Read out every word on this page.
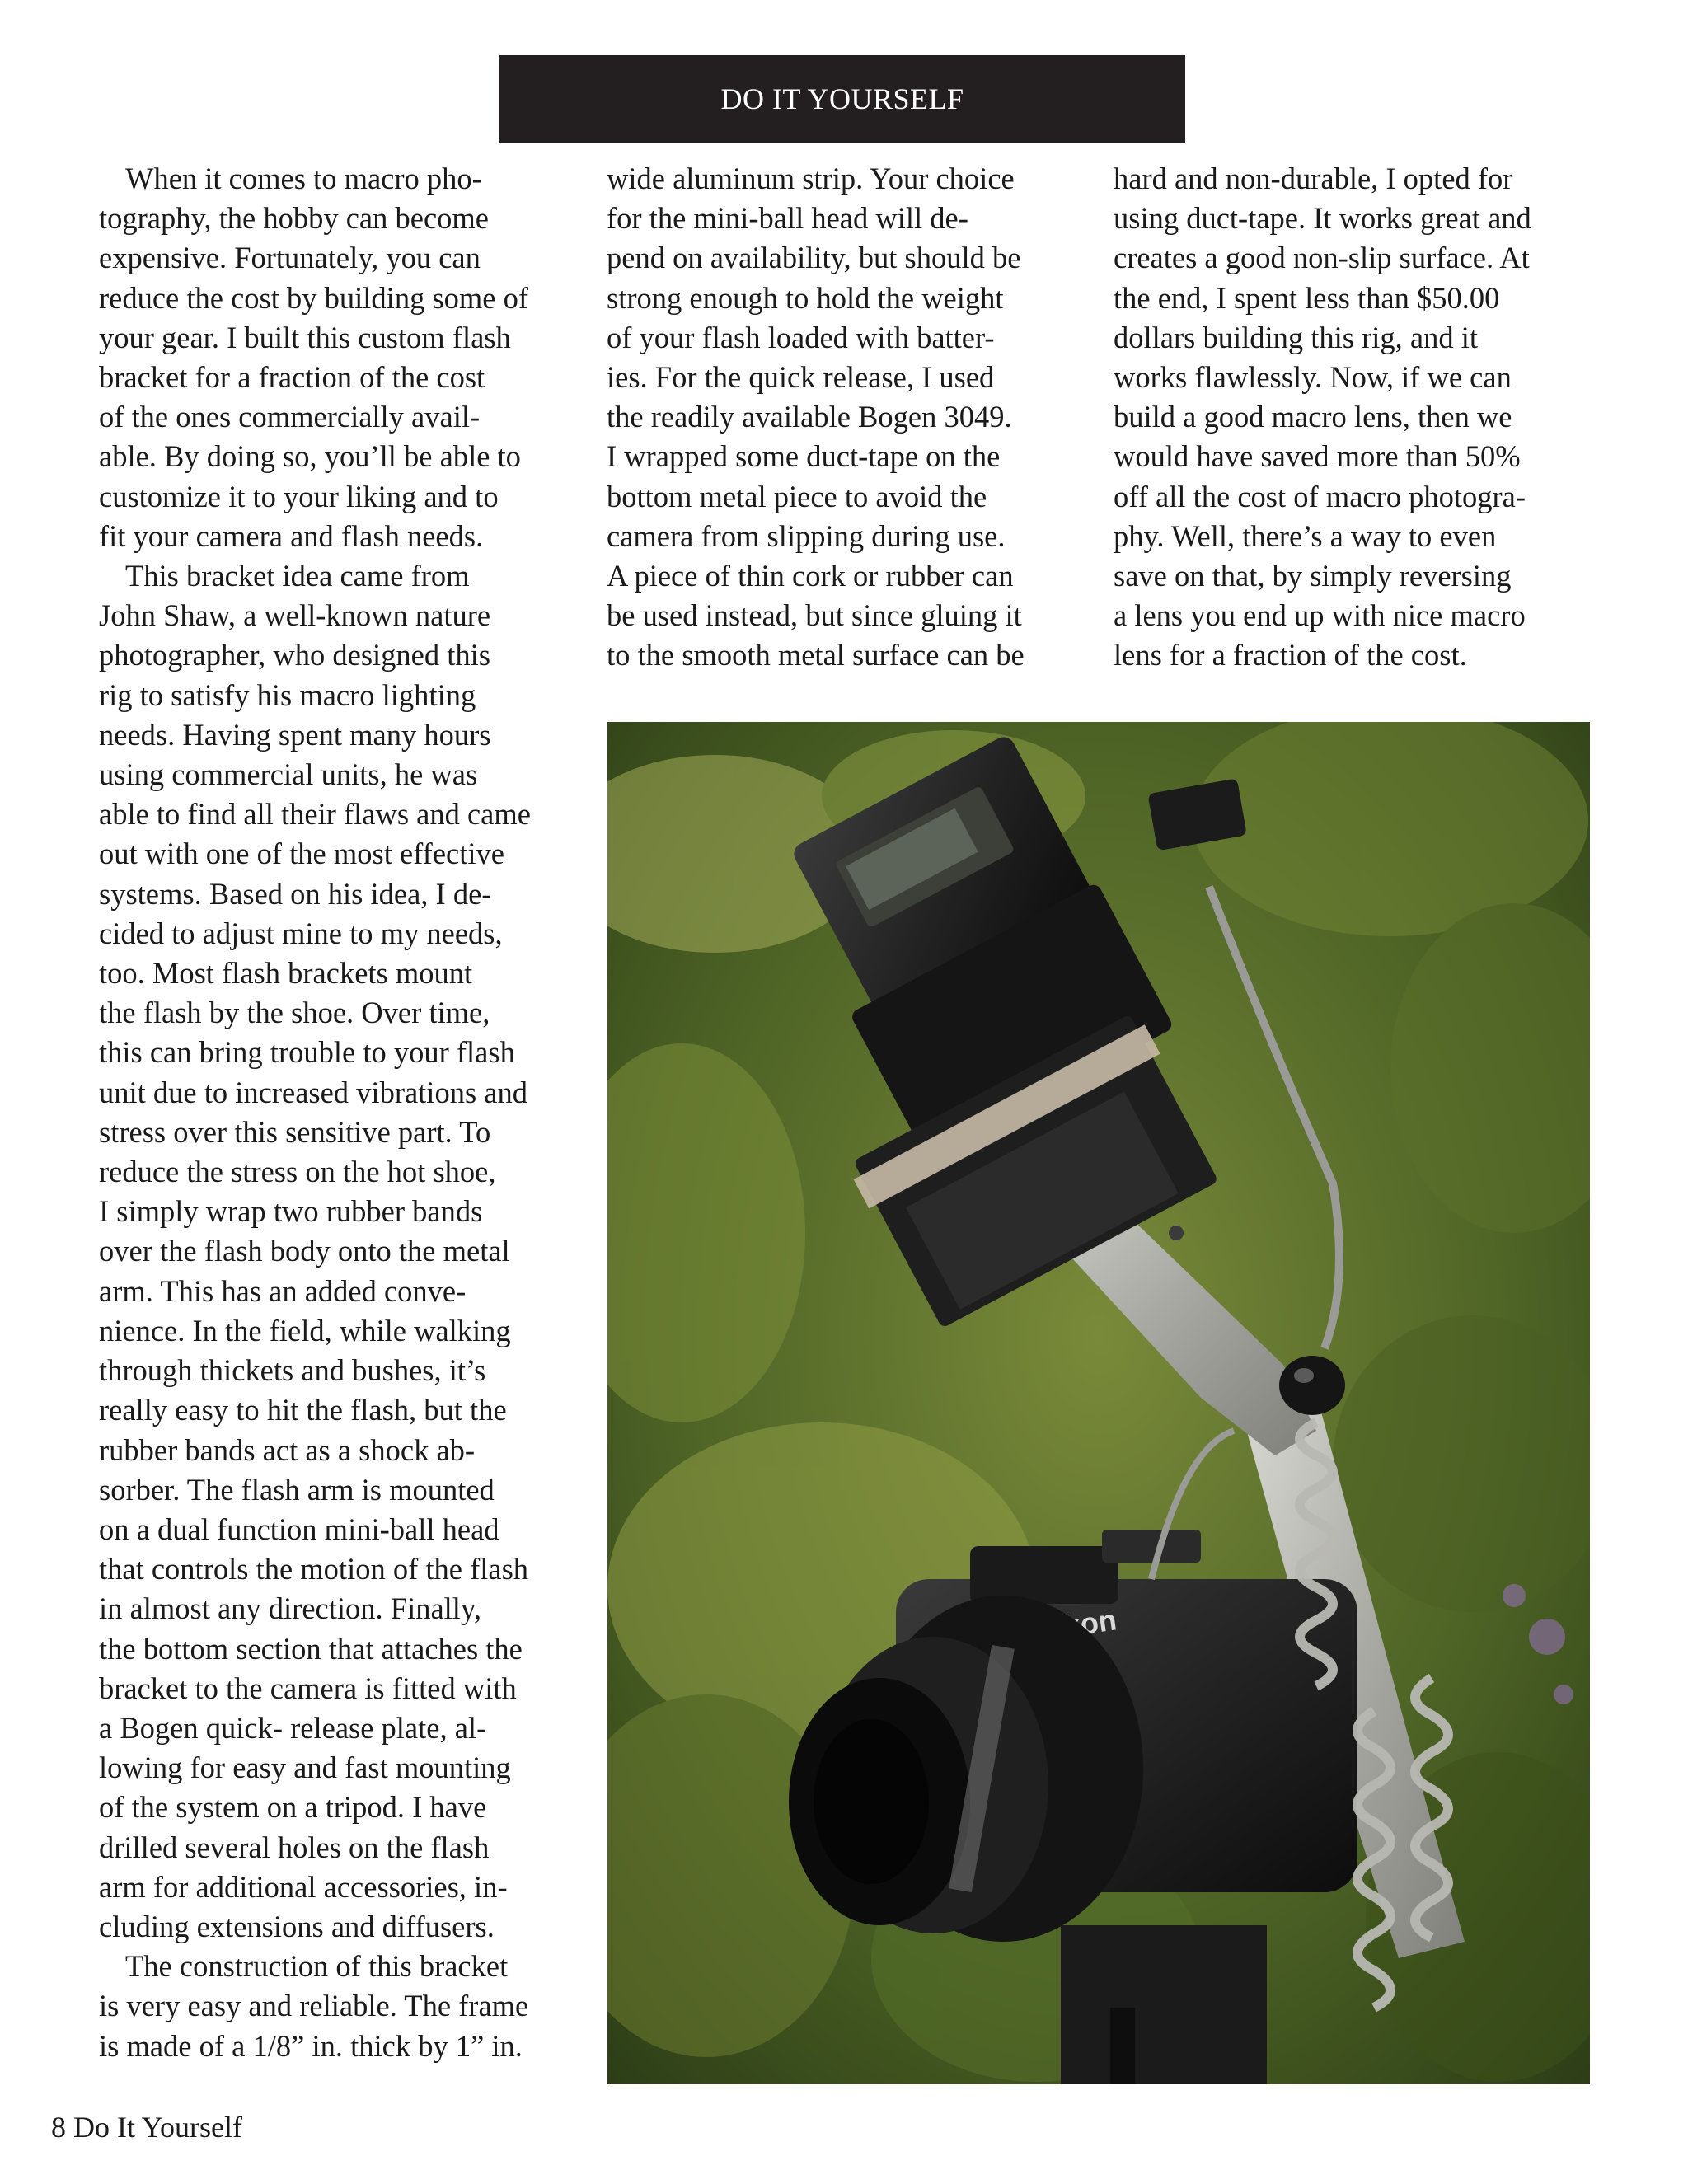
DO IT YOURSELF

When it comes to macro pho-
tography, the hobby can become
expensive. Fortunately, you can
reduce the cost by building some of
your gear. I built this custom flash
bracket for a fraction of the cost
of the ones commercially avail-
able. By doing so, you’ll be able to
customize it to your liking and to
fit your camera and flash needs.

This bracket idea came from
John Shaw, a well-known nature
photographer, who designed this
rig to satisfy his macro lighting
needs. Having spent many hours
using commercial units, he was
able to find all their flaws and came
out with one of the most effective
systems. Based on his idea, I de-
cided to adjust mine to my needs,
too. Most flash brackets mount
the flash by the shoe. Over time,
this can bring trouble to your flash
unit due to increased vibrations and
stress over this sensitive part. To
reduce the stress on the hot shoe,
I simply wrap two rubber bands
over the flash body onto the metal
arm. This has an added conve-
nience. In the field, while walking
through thickets and bushes, it’s
really easy to hit the flash, but the
rubber bands act as a shock ab-
sorber. The flash arm is mounted
on a dual function mini-ball head
that controls the motion of the flash
in almost any direction. Finally,
the bottom section that attaches the
bracket to the camera is fitted with
a Bogen quick- release plate, al-
lowing for easy and fast mounting
of the system on a tripod. I have
drilled several holes on the flash
arm for additional accessories, in-
cluding extensions and diffusers.

The construction of this bracket
is very easy and reliable. The frame
is made of a 1/8” in. thick by 1” in.

wide aluminum strip. Your choice
for the mini-ball head will de-
pend on availability, but should be
strong enough to hold the weight
of your flash loaded with batter-
ies. For the quick release, I used
the readily available Bogen 3049.
I wrapped some duct-tape on the
bottom metal piece to avoid the
camera from slipping during use.
A piece of thin cork or rubber can
be used instead, but since gluing it
to the smooth metal surface can be

hard and non-durable, I opted for
using duct-tape. It works great and
creates a good non-slip surface. At
the end, I spent less than $50.00
dollars building this rig, and it
works flawlessly. Now, if we can
build a good macro lens, then we
would have saved more than 50%
off all the cost of macro photogra-
phy. Well, there’s a way to even
save on that, by simply reversing
a lens you end up with nice macro
lens for a fraction of the cost.

8 Do It Yourself
